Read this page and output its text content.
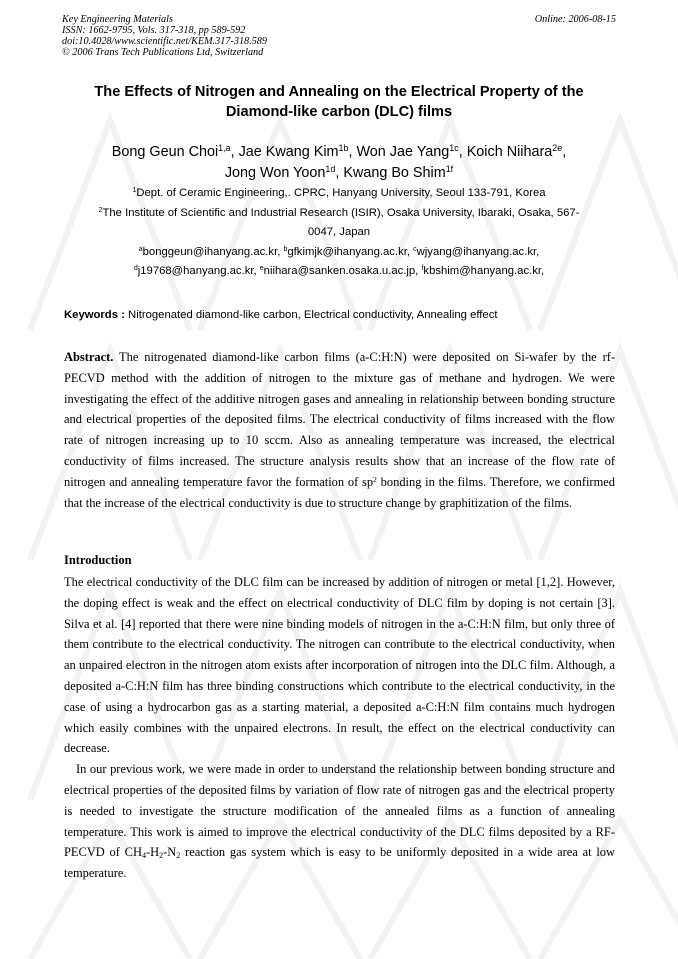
Key Engineering Materials
ISSN: 1662-9795, Vols. 317-318, pp 589-592
doi:10.4028/www.scientific.net/KEM.317-318.589
© 2006 Trans Tech Publications Ltd, Switzerland
Online: 2006-08-15
The Effects of Nitrogen and Annealing on the Electrical Property of the Diamond-like carbon (DLC) films
Bong Geun Choi$^{1,a}$, Jae Kwang Kim$^{1b}$, Won Jae Yang$^{1c}$, Koich Niihara$^{2e}$,
Jong Won Yoon$^{1d}$, Kwang Bo Shim$^{1f}$
$^1$Dept. of Ceramic Engineering,. CPRC, Hanyang University, Seoul 133-791, Korea
$^2$The Institute of Scientific and Industrial Research (ISIR), Osaka University, Ibaraki, Osaka, 567-
0047, Japan
$^a$bonggeun@ihanyang.ac.kr, $^b$gfkimjk@ihanyang.ac.kr, $^c$wjyang@ihanyang.ac.kr,
$^d$j19768@hanyang.ac.kr, $^e$niihara@sanken.osaka.u.ac.jp, $^f$kbshim@hanyang.ac.kr,
Keywords : Nitrogenated diamond-like carbon, Electrical conductivity, Annealing effect

Abstract. The nitrogenated diamond-like carbon films (a-C:H:N) were deposited on Si-wafer by the rf-PECVD method with the addition of nitrogen to the mixture gas of methane and hydrogen. We were investigating the effect of the additive nitrogen gases and annealing in relationship between bonding structure and electrical properties of the deposited films. The electrical conductivity of films increased with the flow rate of nitrogen increasing up to 10 sccm. Also as annealing temperature was increased, the electrical conductivity of films increased. The structure analysis results show that an increase of the flow rate of nitrogen and annealing temperature favor the formation of $sp^2$ bonding in the films. Therefore, we confirmed that the increase of the electrical conductivity is due to structure change by graphitization of the films.

Introduction

The electrical conductivity of the DLC film can be increased by addition of nitrogen or metal [1,2]. However, the doping effect is weak and the effect on electrical conductivity of DLC film by doping is not certain [3]. Silva et al. [4] reported that there were nine binding models of nitrogen in the a-C:H:N film, but only three of them contribute to the electrical conductivity. The nitrogen can contribute to the electrical conductivity, when an unpaired electron in the nitrogen atom exists after incorporation of nitrogen into the DLC film. Although, a deposited a-C:H:N film has three binding constructions which contribute to the electrical conductivity, in the case of using a hydrocarbon gas as a starting material, a deposited a-C:H:N film contains much hydrogen which easily combines with the unpaired electrons. In result, the effect on the electrical conductivity can decrease.

In our previous work, we were made in order to understand the relationship between bonding structure and electrical properties of the deposited films by variation of flow rate of nitrogen gas and the electrical property is needed to investigate the structure modification of the annealed films as a function of annealing temperature. This work is aimed to improve the electrical conductivity of the DLC films deposited by a RF-PECVD of $CH_4-H_2-N_2$ reaction gas system which is easy to be uniformly deposited in a wide area at low temperature.
